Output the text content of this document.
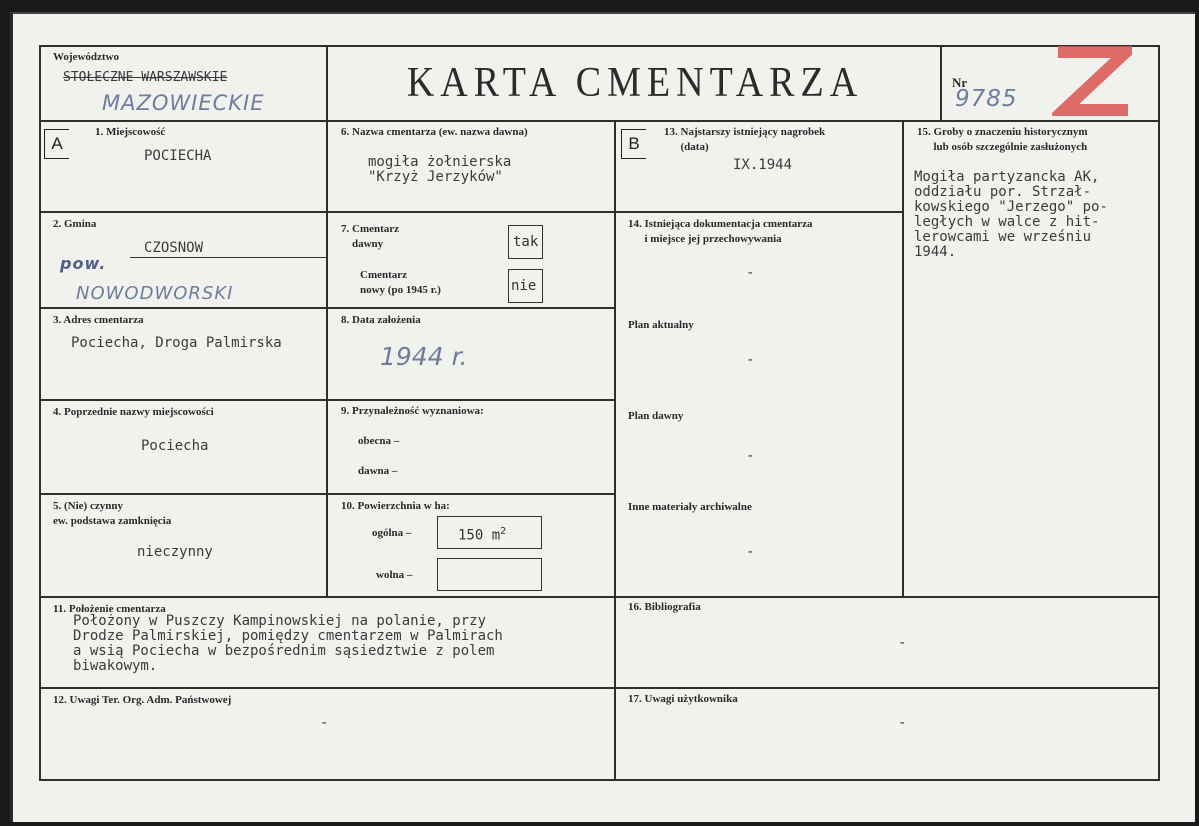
Województwo
STOŁECZNE WARSZAWSKIE
MAZOWIECKIE	KARTA CMENTARZA	Nr
9785
A	B
1. Miejscowość
POCIECHA
2. Gmina
CZOSNOW
pow.
NOWODWORSKI
3. Adres cmentarza
Pociecha, Droga Palmirska
4. Poprzednie nazwy miejscowości
Pociecha
5. (Nie) czynny
ew. podstawa zamknięcia
nieczynny
6. Nazwa cmentarza (ew. nazwa dawna)
mogiła żołnierska
"Krzyż Jerzyków"
7. Cmentarz
dawny	tak
Cmentarz
nowy (po 1945 r.)	nie
8. Data założenia
1944 r.
9. Przynależność wyznaniowa:
obecna –
dawna –
10. Powierzchnia w ha:
ogólna –	150 $m^2$
wolna –
11. Położenie cmentarza
Położony w Puszczy Kampinowskiej na polanie, przy
Drodze Palmirskiej, pomiędzy cmentarzem w Palmirach
a wsią Pociecha w bezpośrednim sąsiedztwie z polem
biwakowym.
12. Uwagi Ter. Org. Adm. Państwowej
-
13. Najstarszy istniejący nagrobek
(data)
IX.1944
14. Istniejąca dokumentacja cmentarza
i miejsce jej przechowywania
-
Plan aktualny
-
Plan dawny
-
Inne materiały archiwalne
-
15. Groby o znaczeniu historycznym
lub osób szczególnie zasłużonych
Mogiła partyzancka AK,
oddziału por. Strzał-
kowskiego "Jerzego" po-
ległych w walce z hit-
lerowcami we wrześniu
1944.
16. Bibliografia
-
17. Uwagi użytkownika
-
